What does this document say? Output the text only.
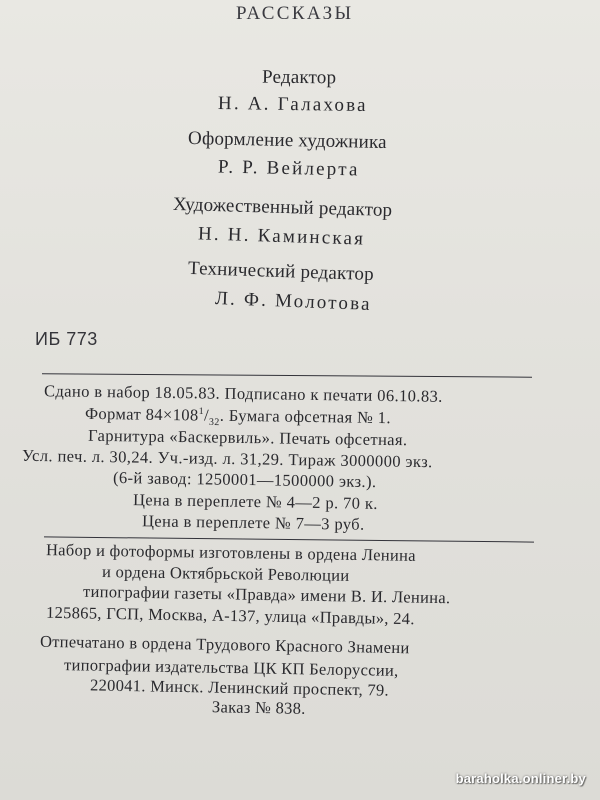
РАССКАЗЫ
Редактор
Н. А. Галахова
Оформление художника
Р. Р. Вейлерта
Художественный редактор
Н. Н. Каминская
Технический редактор
Л. Ф. Молотова
ИБ 773
Сдано в набор 18.05.83. Подписано к печати 06.10.83.
Формат $84\times 108^1/_{32}$. Бумага офсетная № 1.
Гарнитура «Баскервиль». Печать офсетная.
Усл. печ. л. 30,24. Уч.-изд. л. 31,29. Тираж 3000000 экз.
(6-й завод: 1250001—1500000 экз.).
Цена в переплете № 4—2 р. 70 к.
Цена в переплете № 7—3 руб.
Набор и фотоформы изготовлены в ордена Ленина
и ордена Октябрьской Революции
типографии газеты «Правда» имени В. И. Ленина.
125865, ГСП, Москва, А-137, улица «Правды», 24.
Отпечатано в ордена Трудового Красного Знамени
типографии издательства ЦК КП Белоруссии,
220041. Минск. Ленинский проспект, 79.
Заказ № 838.
baraholka.onliner.by
